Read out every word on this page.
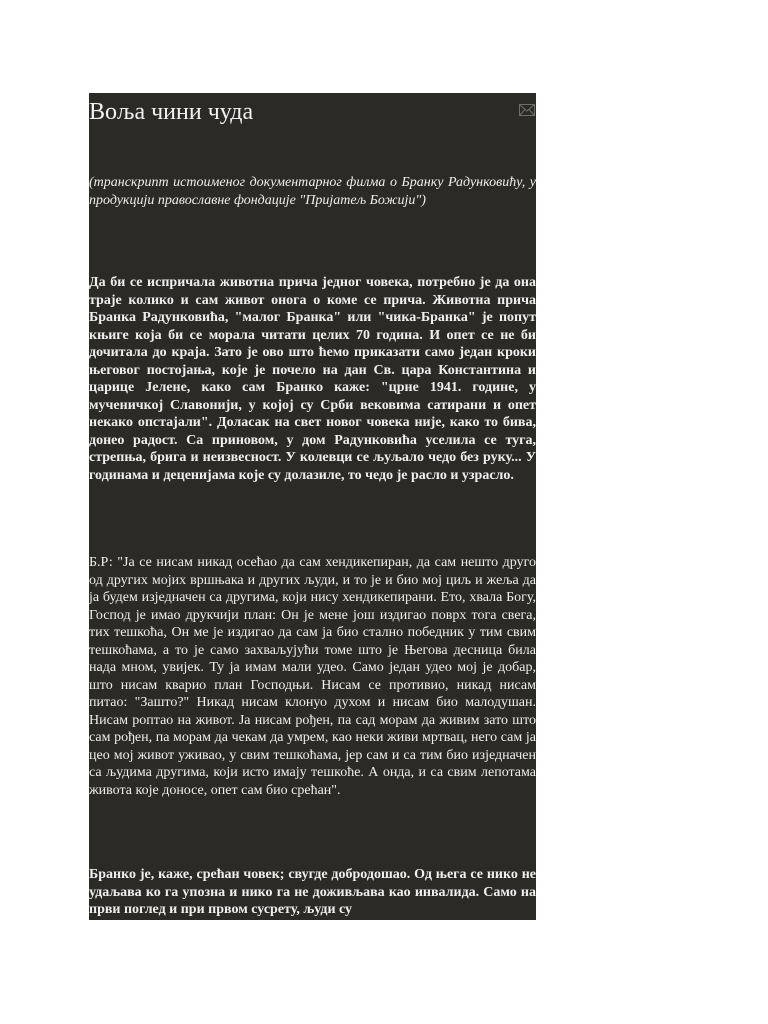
Воља чини чуда

(транскрипт истоименог документарног филма о Бранку Радунковићу, у продукцији православне фондације "Пријатељ Божији")

Да би се испричала животна прича једног човека, потребно је да она траје колико и сам живот онога о коме се прича. Животна прича Бранка Радунковића, "малог Бранка" или "чика-Бранка" је попут књиге која би се морала читати целих 70 година. И опет се не би дочитала до краја. Зато је ово што ћемо приказати само један кроки његовог постојања, које је почело на дан Св. цара Константина и царице Јелене, како сам Бранко каже: "црне 1941. године, у мученичкој Славонији, у којој су Срби вековима сатирани и опет некако опстајали". Доласак на свет новог човека није, како то бива, донео радост. Са приновом, у дом Радунковића уселила се туга, стрепња, брига и неизвесност. У колевци се љуљало чедо без руку... У годинама и деценијама које су долазиле, то чедо је расло и узрасло.

Б.Р: "Ја се нисам никад осећао да сам хендикепиран, да сам нешто друго од других мојих вршњака и других људи, и то је и био мој циљ и жеља да ја будем изједначен са другима, који нису хендикепирани. Ето, хвала Богу, Господ је имао друкчији план: Он је мене још издигао поврх тога свега, тих тешкоћа, Он ме је издигао да сам ја био стално победник у тим свим тешкоћама, а то је само захваљујући томе што је Његова десница била нада мном, увијек. Ту ја имам мали удео. Само један удео мој је добар, што нисам кварио план Господњи. Нисам се противио, никад нисам питао: "Зашто?" Никад нисам клонуо духом и нисам био малодушан. Нисам роптао на живот. Ја нисам рођен, па сад морам да живим зато што сам рођен, па морам да чекам да умрем, као неки живи мртвац, него сам ја цео мој живот уживао, у свим тешкоћама, јер сам и са тим био изједначен са људима другима, који исто имају тешкоће. А онда, и са свим лепотама живота које доносе, опет сам био срећан".

Бранко је, каже, срећан човек; свугде добродошао. Од њега се нико не удаљава ко га упозна и нико га не доживљава као инвалида. Само на први поглед и при првом сусрету, људи су
